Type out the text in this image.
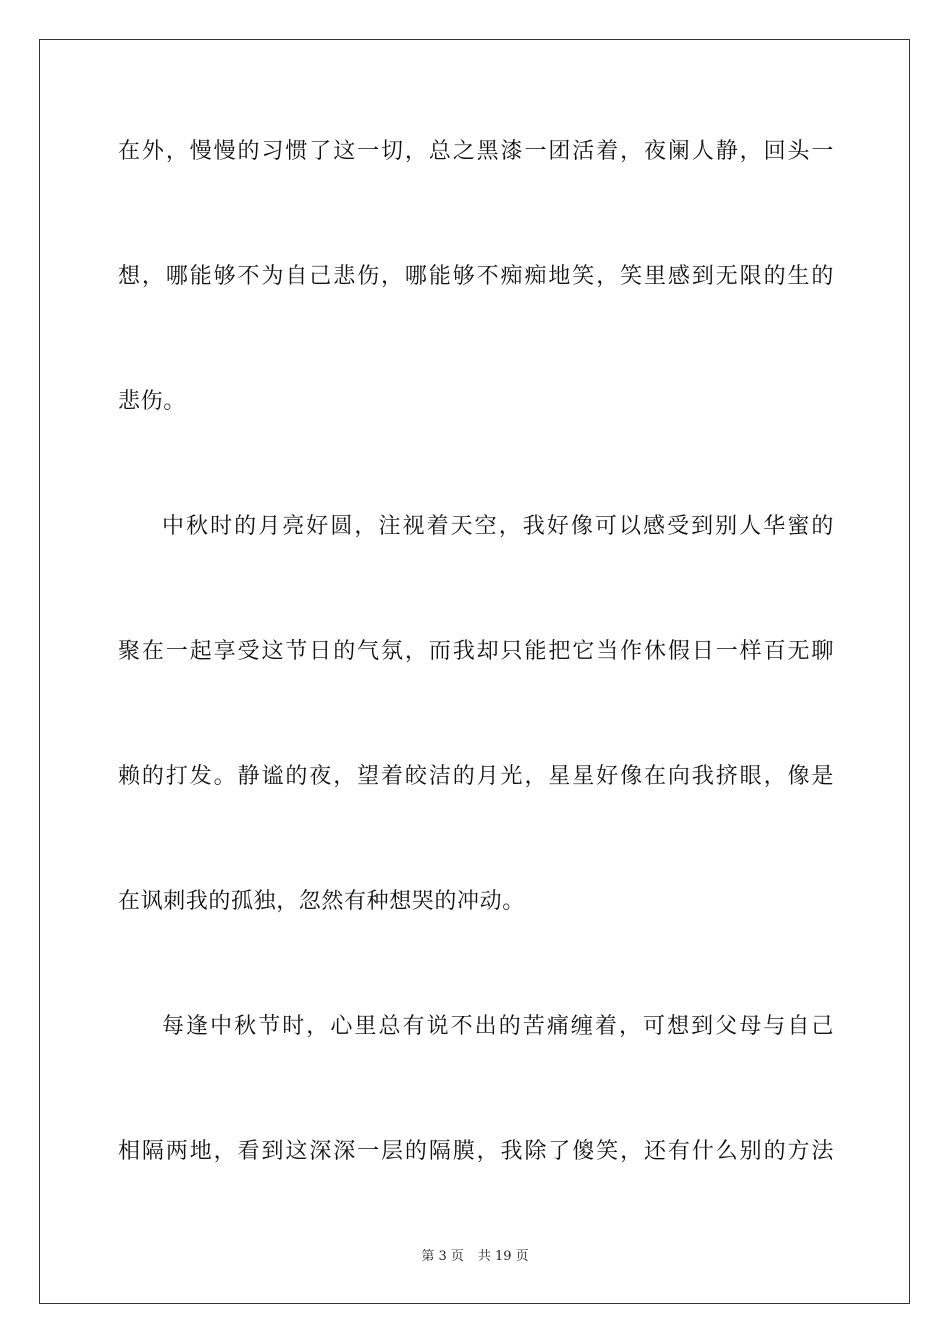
在外，慢慢的习惯了这一切，总之黑漆一团活着，夜阑人静，回头一
想，哪能够不为自己悲伤，哪能够不痴痴地笑，笑里感到无限的生的
悲伤。
中秋时的月亮好圆，注视着天空，我好像可以感受到别人华蜜的
聚在一起享受这节日的气氛，而我却只能把它当作休假日一样百无聊
赖的打发。静谧的夜，望着皎洁的月光，星星好像在向我挤眼，像是
在讽刺我的孤独，忽然有种想哭的冲动。
每逢中秋节时，心里总有说不出的苦痛缠着，可想到父母与自己
相隔两地，看到这深深一层的隔膜，我除了傻笑，还有什么别的方法
第 3 页 共 19 页
